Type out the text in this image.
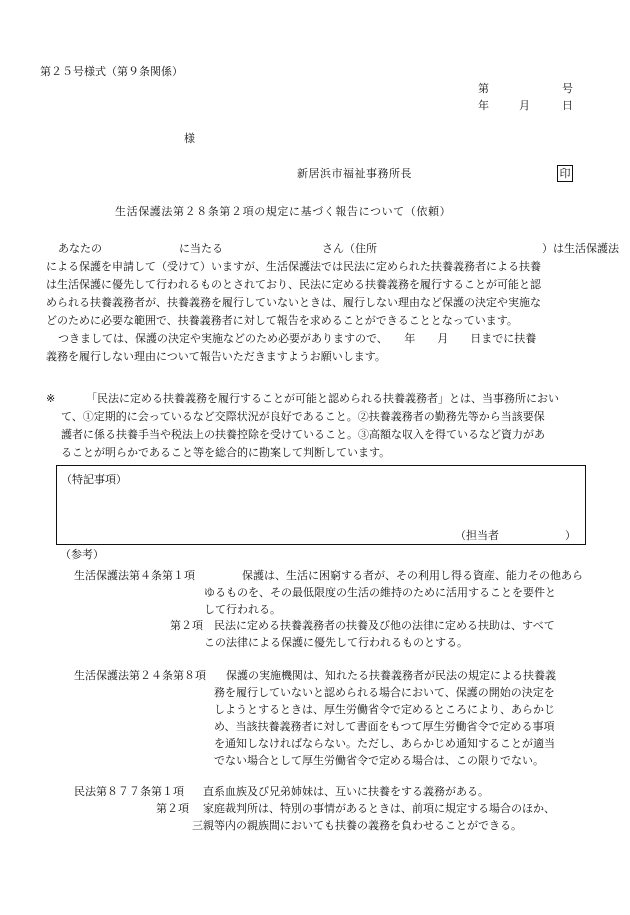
第２５号様式（第９条関係）
第	号
年	月	日
様
新居浜市福祉事務所長	印
生活保護法第２８条第２項の規定に基づく報告について（依頼）
あなたの　　　　　　　に当たる　　　　　　　　　さん（住所　　　　　　　　　　　　　　　）は生活保護法
による保護を申請して（受けて）いますが、生活保護法では民法に定められた扶養義務者による扶養
は生活保護に優先して行われるものとされており、民法に定める扶養義務を履行することが可能と認
められる扶養義務者が、扶養義務を履行していないときは、履行しない理由など保護の決定や実施な
どのために必要な範囲で、扶養義務者に対して報告を求めることができることとなっています。
つきましては、保護の決定や実施などのため必要がありますので、　　年　　月　　日までに扶養
義務を履行しない理由について報告いただきますようお願いします。
※	「民法に定める扶養義務を履行することが可能と認められる扶養義務者」とは、当事務所におい
て、①定期的に会っているなど交際状況が良好であること。②扶養義務者の勤務先等から当該要保
護者に係る扶養手当や税法上の扶養控除を受けていること。③高額な収入を得ているなど資力があ
ることが明らかであること等を総合的に勘案して判断しています。
（特記事項）
（担当者　　　　　　）
（参考）
生活保護法第４条第１項	保護は、生活に困窮する者が、その利用し得る資産、能力その他あら
ゆるものを、その最低限度の生活の維持のために活用することを要件と
して行われる。
第２項 民法に定める扶養義務者の扶養及び他の法律に定める扶助は、すべて
この法律による保護に優先して行われるものとする。
生活保護法第２４条第８項 保護の実施機関は、知れたる扶養義務者が民法の規定による扶養義
務を履行していないと認められる場合において、保護の開始の決定を
しようとするときは、厚生労働省令で定めるところにより、あらかじ
め、当該扶養義務者に対して書面をもつて厚生労働省令で定める事項
を通知しなければならない。ただし、あらかじめ通知することが適当
でない場合として厚生労働省令で定める場合は、この限りでない。
民法第８７７条第１項 直系血族及び兄弟姉妹は、互いに扶養をする義務がある。
第２項 家庭裁判所は、特別の事情があるときは、前項に規定する場合のほか、
三親等内の親族間においても扶養の義務を負わせることができる。
